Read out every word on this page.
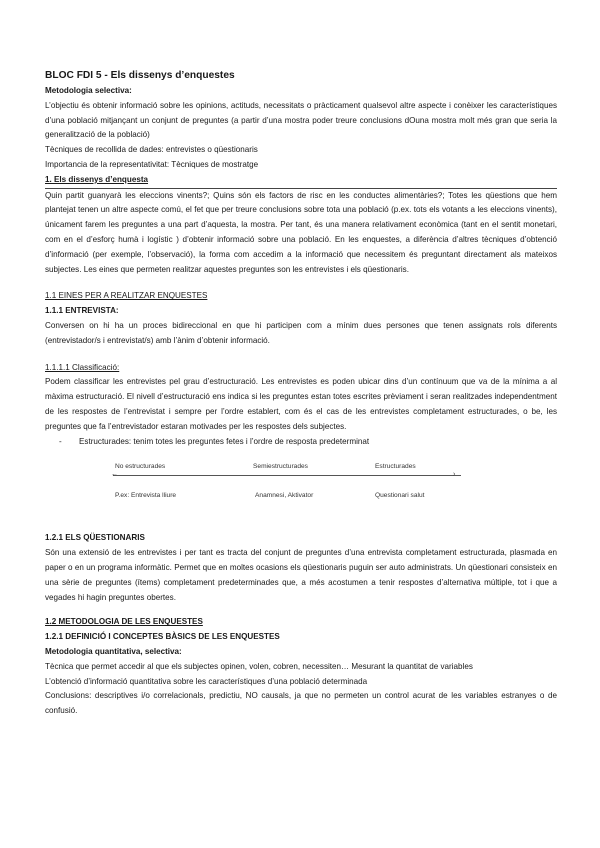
BLOC FDI 5 - Els dissenys d’enquestes

Metodologia selectiva:

L’objectiu és obtenir informació sobre les opinions, actituds, necessitats o pràcticament qualsevol altre aspecte i conèixer les característiques d’una població mitjançant un conjunt de preguntes (a partir d’una mostra poder treure conclusions dOuna mostra molt més gran que seria la generalització de la població)

Tècniques de recollida de dades: entrevistes o qüestionaris

Importancia de la representativitat: Tècniques de mostratge

1. Els dissenys d’enquesta

Quin partit guanyarà les eleccions vinents?; Quins són els factors de risc en les conductes alimentàries?; Totes les qüestions que hem plantejat tenen un altre aspecte comú, el fet que per treure conclusions sobre tota una població (p.ex. tots els votants a les eleccions vinents), únicament farem les preguntes a una part d’aquesta, la mostra. Per tant, és una manera relativament econòmica (tant en el sentit monetari, com en el d’esforç humà i logístic ) d’obtenir informació sobre una població. En les enquestes, a diferència d’altres tècniques d’obtenció d’informació (per exemple, l’observació), la forma com accedim a la informació que necessitem és preguntant directament als mateixos subjectes. Les eines que permeten realitzar aquestes preguntes son les entrevistes i els qüestionaris.

1.1 EINES PER A REALITZAR ENQUESTES

1.1.1 ENTREVISTA:

Conversen on hi ha un proces bidireccional en que hi participen com a mínim dues persones que tenen assignats rols diferents (entrevistador/s i entrevistat/s) amb l’ànim d’obtenir informació.

1.1.1.1 Classificació:

Podem classificar les entrevistes pel grau d’estructuració. Les entrevistes es poden ubicar dins d’un contínuum que va de la mínima a al màxima estructuració. El nivell d’estructuració ens indica si les preguntes estan totes escrites prèviament i seran realitzades independentment de les respostes de l’entrevistat i sempre per l’ordre establert, com és el cas de les entrevistes completament estructurades, o be, les preguntes que fa l’entrevistador estaran motivades per les respostes dels subjectes.

-	Estructurades: tenim totes les preguntes fetes i l’ordre de resposta predeterminat
No estructurades	Semiestructurades	Estructurades
←	›
P.ex: Entrevista lliure	Anamnesi, Aktivator	Questionari salut

1.2.1 ELS QÜESTIONARIS

Són una extensió de les entrevistes i per tant es tracta del conjunt de preguntes d’una entrevista completament estructurada, plasmada en paper o en un programa informàtic. Permet que en moltes ocasions els qüestionaris puguin ser auto administrats. Un qüestionari consisteix en una sèrie de preguntes (ítems) completament predeterminades que, a més acostumen a tenir respostes d’alternativa múltiple, tot i que a vegades hi hagin preguntes obertes.

1.2 METODOLOGIA DE LES ENQUESTES

1.2.1 DEFINICIÓ I CONCEPTES BÀSICS DE LES ENQUESTES

Metodologia quantitativa, selectiva:

Tècnica que permet accedir al que els subjectes opinen, volen, cobren, necessiten… Mesurant la quantitat de variables

L’obtenció d’informació quantitativa sobre les característiques d’una població determinada

Conclusions: descriptives i/o correlacionals, predictiu, NO causals, ja que no permeten un control acurat de les variables estranyes o de confusió.
